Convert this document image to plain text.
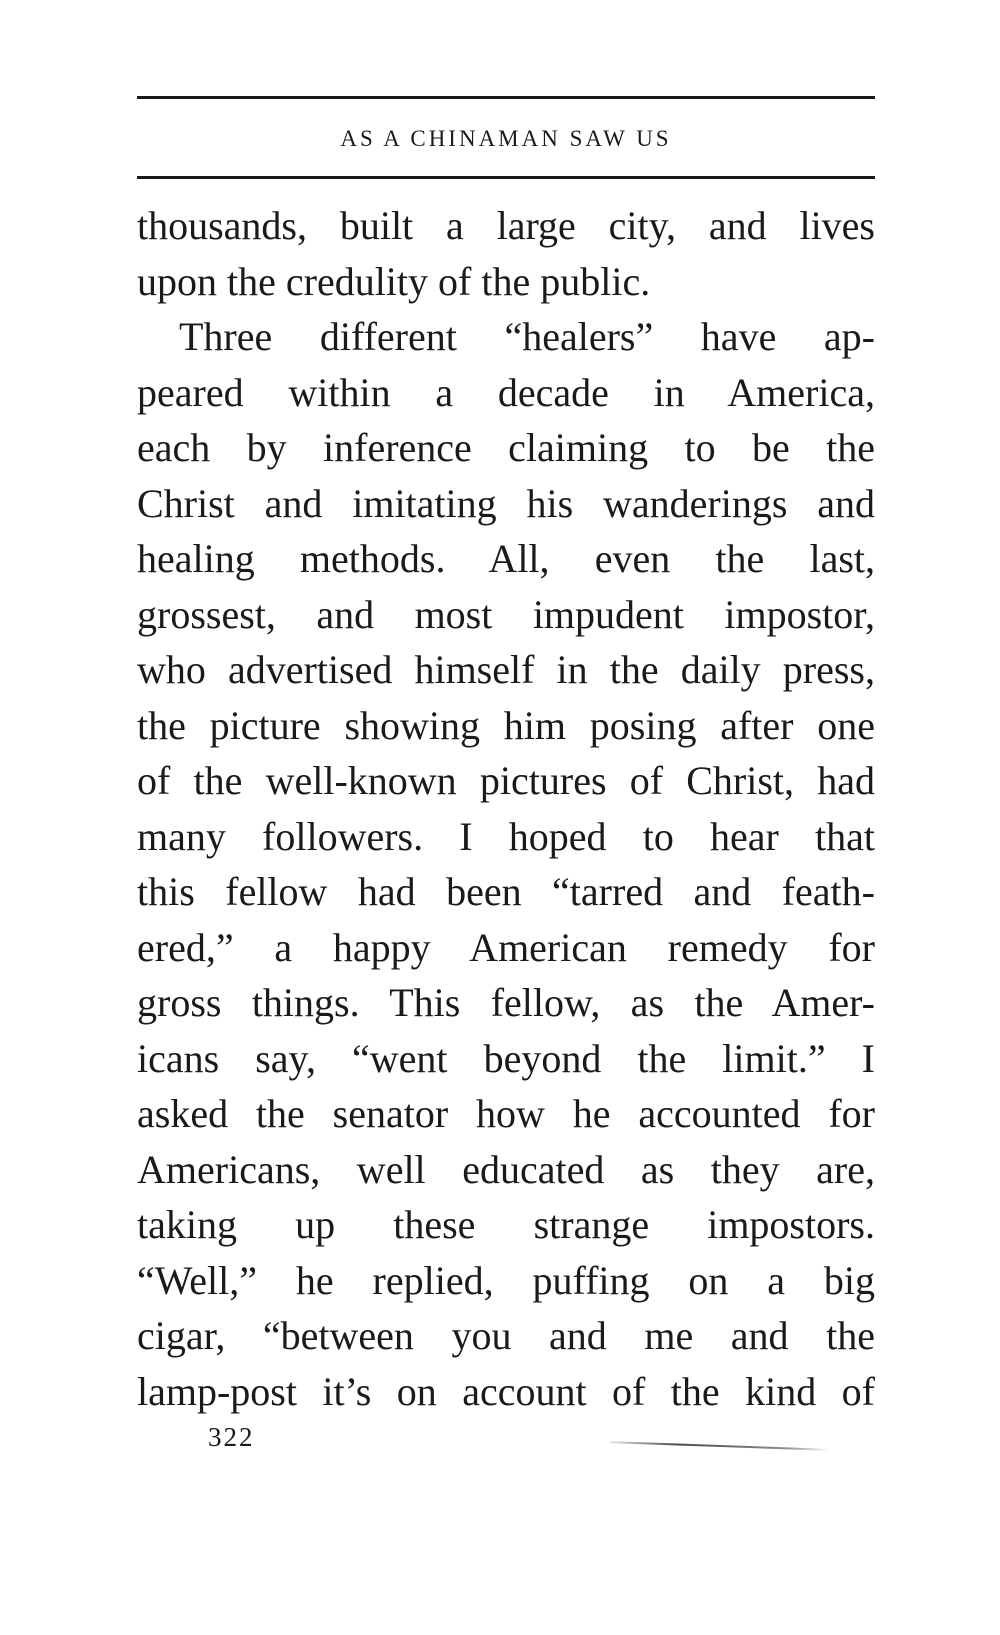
AS A CHINAMAN SAW US
thousands, built a large city, and lives
upon the credulity of the public.
Three different “healers” have ap-
peared within a decade in America,
each by inference claiming to be the
Christ and imitating his wanderings and
healing methods. All, even the last,
grossest, and most impudent impostor,
who advertised himself in the daily press,
the picture showing him posing after one
of the well-known pictures of Christ, had
many followers. I hoped to hear that
this fellow had been “tarred and feath-
ered,” a happy American remedy for
gross things. This fellow, as the Amer-
icans say, “went beyond the limit.” I
asked the senator how he accounted for
Americans, well educated as they are,
taking up these strange impostors.
“Well,” he replied, puffing on a big
cigar, “between you and me and the
lamp-post it’s on account of the kind of
322
